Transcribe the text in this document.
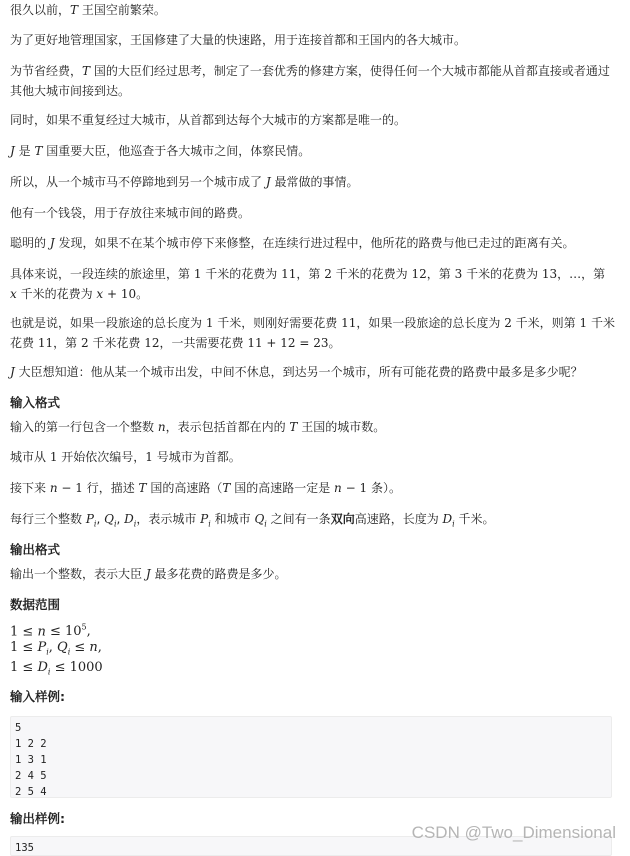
很久以前，T 王国空前繁荣。
为了更好地管理国家，王国修建了大量的快速路，用于连接首都和王国内的各大城市。
为节省经费，T 国的大臣们经过思考，制定了一套优秀的修建方案，使得任何一个大城市都能从首都直接或者通过其他大城市间接到达。
同时，如果不重复经过大城市，从首都到达每个大城市的方案都是唯一的。
J 是 T 国重要大臣，他巡查于各大城市之间，体察民情。
所以，从一个城市马不停蹄地到另一个城市成了 J 最常做的事情。
他有一个钱袋，用于存放往来城市间的路费。
聪明的 J 发现，如果不在某个城市停下来修整，在连续行进过程中，他所花的路费与他已走过的距离有关。
具体来说，一段连续的旅途里，第 1 千米的花费为 11，第 2 千米的花费为 12，第 3 千米的花费为 13，…，第 x 千米的花费为 x + 10。
也就是说，如果一段旅途的总长度为 1 千米，则刚好需要花费 11，如果一段旅途的总长度为 2 千米，则第 1 千米花费 11，第 2 千米花费 12，一共需要花费 11 + 12 = 23。
J 大臣想知道：他从某一个城市出发，中间不休息，到达另一个城市，所有可能花费的路费中最多是多少呢？
输入格式
输入的第一行包含一个整数 n，表示包括首都在内的 T 王国的城市数。
城市从 1 开始依次编号，1 号城市为首都。
接下来 n − 1 行，描述 T 国的高速路（T 国的高速路一定是 n − 1 条）。
每行三个整数 $P_i$, $Q_i$, $D_i$，表示城市 $P_i$ 和城市 $Q_i$ 之间有一条双向高速路，长度为 $D_i$ 千米。
输出格式
输出一个整数，表示大臣 J 最多花费的路费是多少。
数据范围
$1 \le n \le 10^5$,
$1 \le P_i$, $Q_i \le n$,
$1 \le D_i \le 1000$
输入样例:
5
1 2 2
1 3 1
2 4 5
2 5 4
输出样例:
135
CSDN @Two_Dimensional
